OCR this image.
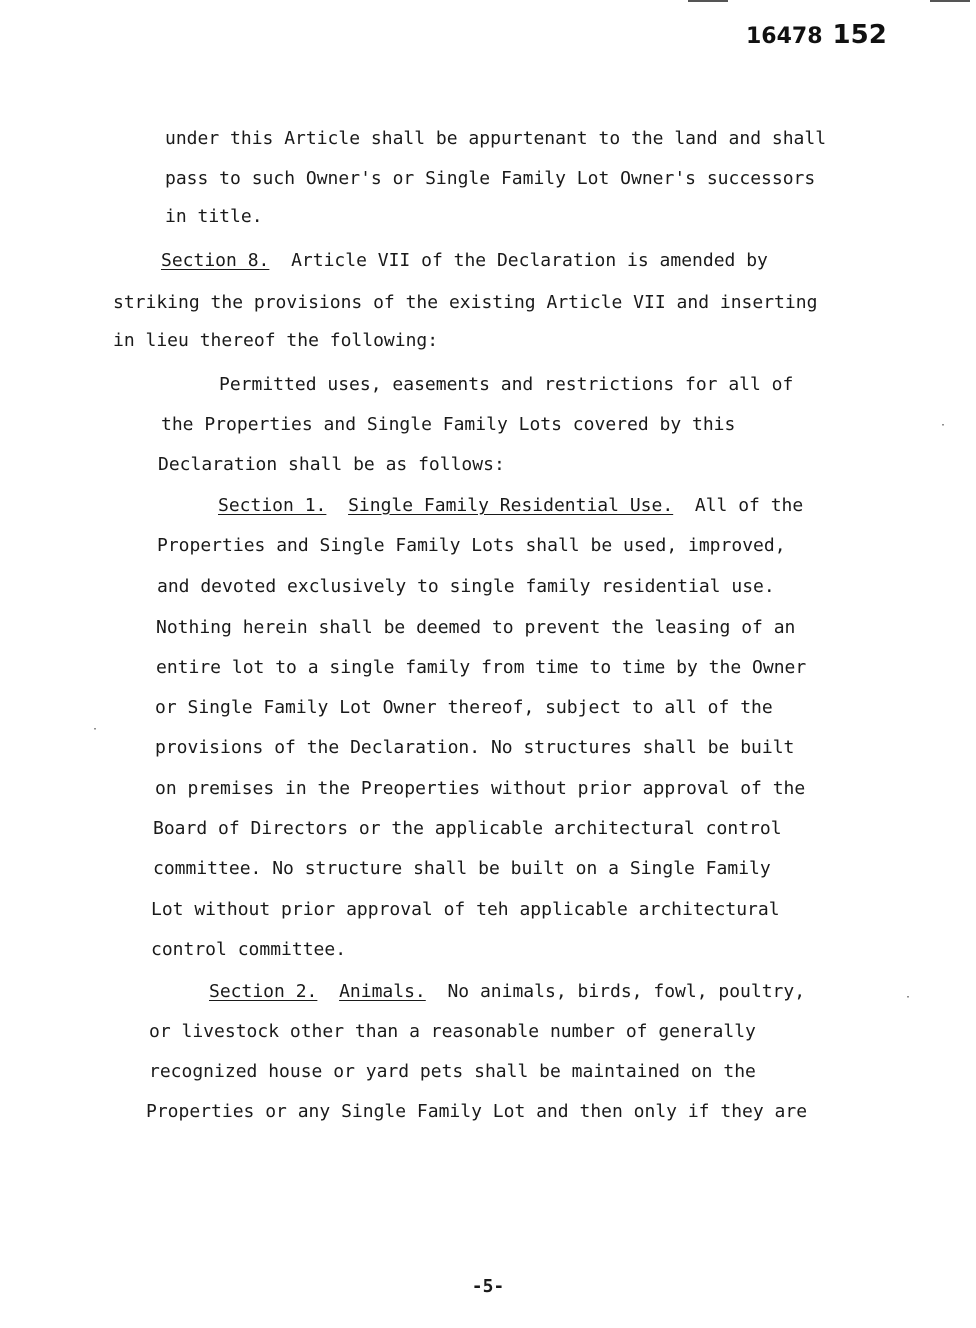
16478 152
under this Article shall be appurtenant to the land and shall
pass to such Owner's or Single Family Lot Owner's successors
in title.
Section 8. Article VII of the Declaration is amended by
striking the provisions of the existing Article VII and inserting
in lieu thereof the following:
Permitted uses, easements and restrictions for all of
the Properties and Single Family Lots covered by this
Declaration shall be as follows:
Section 1. Single Family Residential Use. All of the
Properties and Single Family Lots shall be used, improved,
and devoted exclusively to single family residential use.
Nothing herein shall be deemed to prevent the leasing of an
entire lot to a single family from time to time by the Owner
or Single Family Lot Owner thereof, subject to all of the
provisions of the Declaration. No structures shall be built
on premises in the Preoperties without prior approval of the
Board of Directors or the applicable architectural control
committee. No structure shall be built on a Single Family
Lot without prior approval of teh applicable architectural
control committee.
Section 2. Animals. No animals, birds, fowl, poultry,
or livestock other than a reasonable number of generally
recognized house or yard pets shall be maintained on the
Properties or any Single Family Lot and then only if they are
·
·
·
-5-
